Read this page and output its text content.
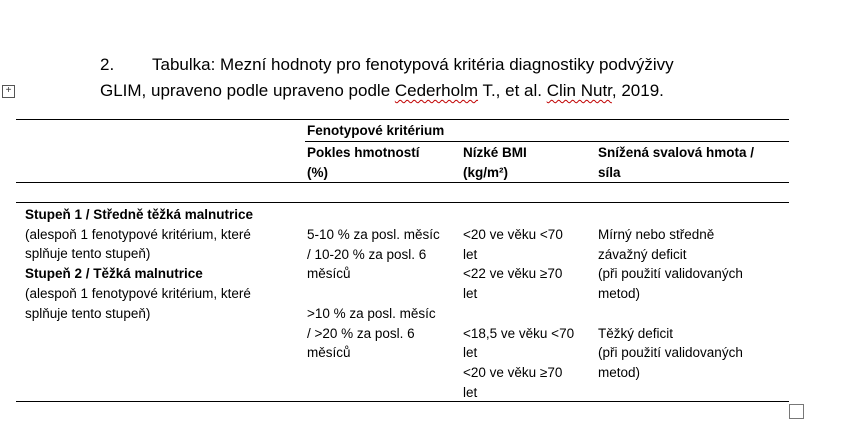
2. Tabulka: Mezní hodnoty pro fenotypová kritéria diagnostiky podvýživy
GLIM, upraveno podle upraveno podle Cederholm T., et al. Clin Nutr, 2019.
+
Fenotypové kritérium
Pokles hmotností
(%)
Nízké BMI
(kg/m²)
Snížená svalová hmota /
síla
Stupeň 1 / Středně těžká malnutrice
(alespoň 1 fenotypové kritérium, které
splňuje tento stupeň)
Stupeň 2 / Těžká malnutrice
(alespoň 1 fenotypové kritérium, které
splňuje tento stupeň)
5-10 % za posl. měsíc
/ 10-20 % za posl. 6
měsíců

>10 % za posl. měsíc
/ >20 % za posl. 6
měsíců
<20 ve věku <70
let
<22 ve věku ≥70
let

<18,5 ve věku <70
let
<20 ve věku ≥70
let
Mírný nebo středně
závažný deficit
(při použití validovaných
metod)

Těžký deficit
(při použití validovaných
metod)
